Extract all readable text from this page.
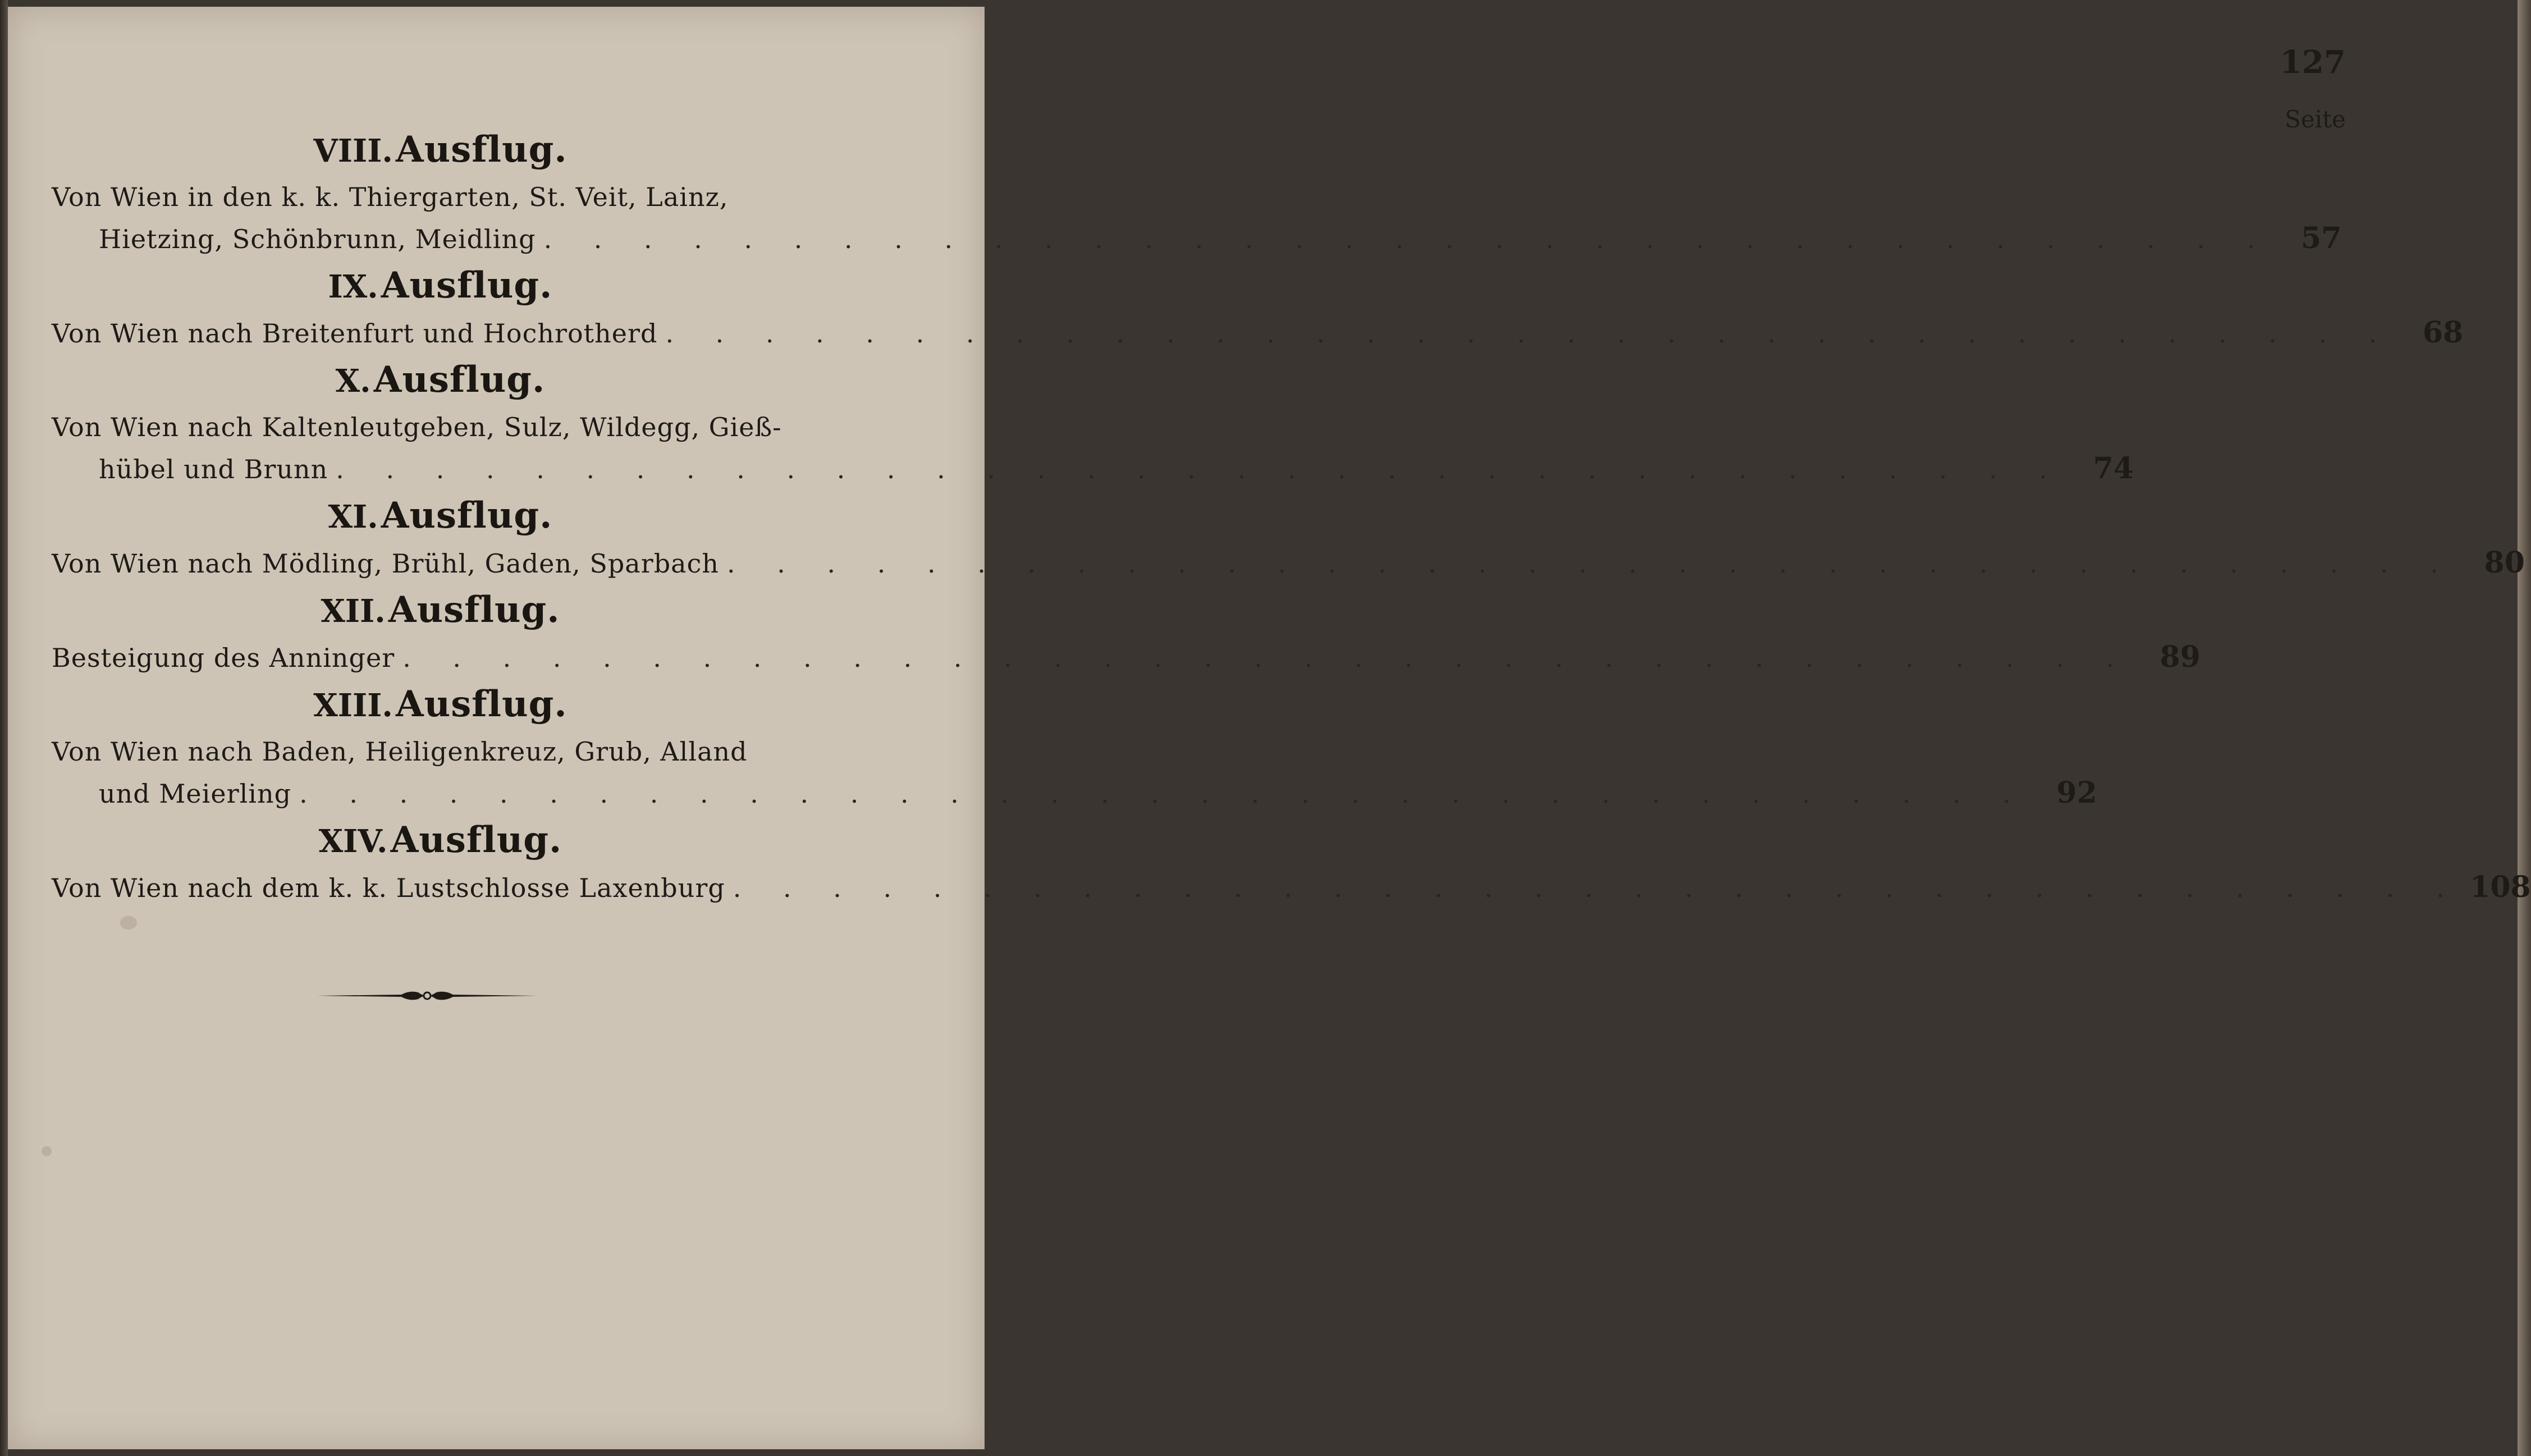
127
Seite
VIII. Ausflug.
Von Wien in den k. k. Thiergarten, St. Veit, Lainz,
Hietzing, Schönbrunn, Meidling . . . . . . . . . . . . . . . . . . . . . . . . . . . . . . . . . . . 57
IX. Ausflug.
Von Wien nach Breitenfurt und Hochrotherd . . . . . . . . . . . . . . . . . . . . . . . . . . . . . . . . . . . 68
X. Ausflug.
Von Wien nach Kaltenleutgeben, Sulz, Wildegg, Gieß-
hübel und Brunn . . . . . . . . . . . . . . . . . . . . . . . . . . . . . . . . . . . 74
XI. Ausflug.
Von Wien nach Mödling, Brühl, Gaden, Sparbach . . . . . . . . . . . . . . . . . . . . . . . . . . . . . . . . . . . 80
XII. Ausflug.
Besteigung des Anninger . . . . . . . . . . . . . . . . . . . . . . . . . . . . . . . . . . . 89
XIII. Ausflug.
Von Wien nach Baden, Heiligenkreuz, Grub, Alland
und Meierling . . . . . . . . . . . . . . . . . . . . . . . . . . . . . . . . . . . 92
XIV. Ausflug.
Von Wien nach dem k. k. Lustschlosse Laxenburg . . . . . . . . . . . . . . . . . . . . . . . . . . . . . . . . . . . 108
